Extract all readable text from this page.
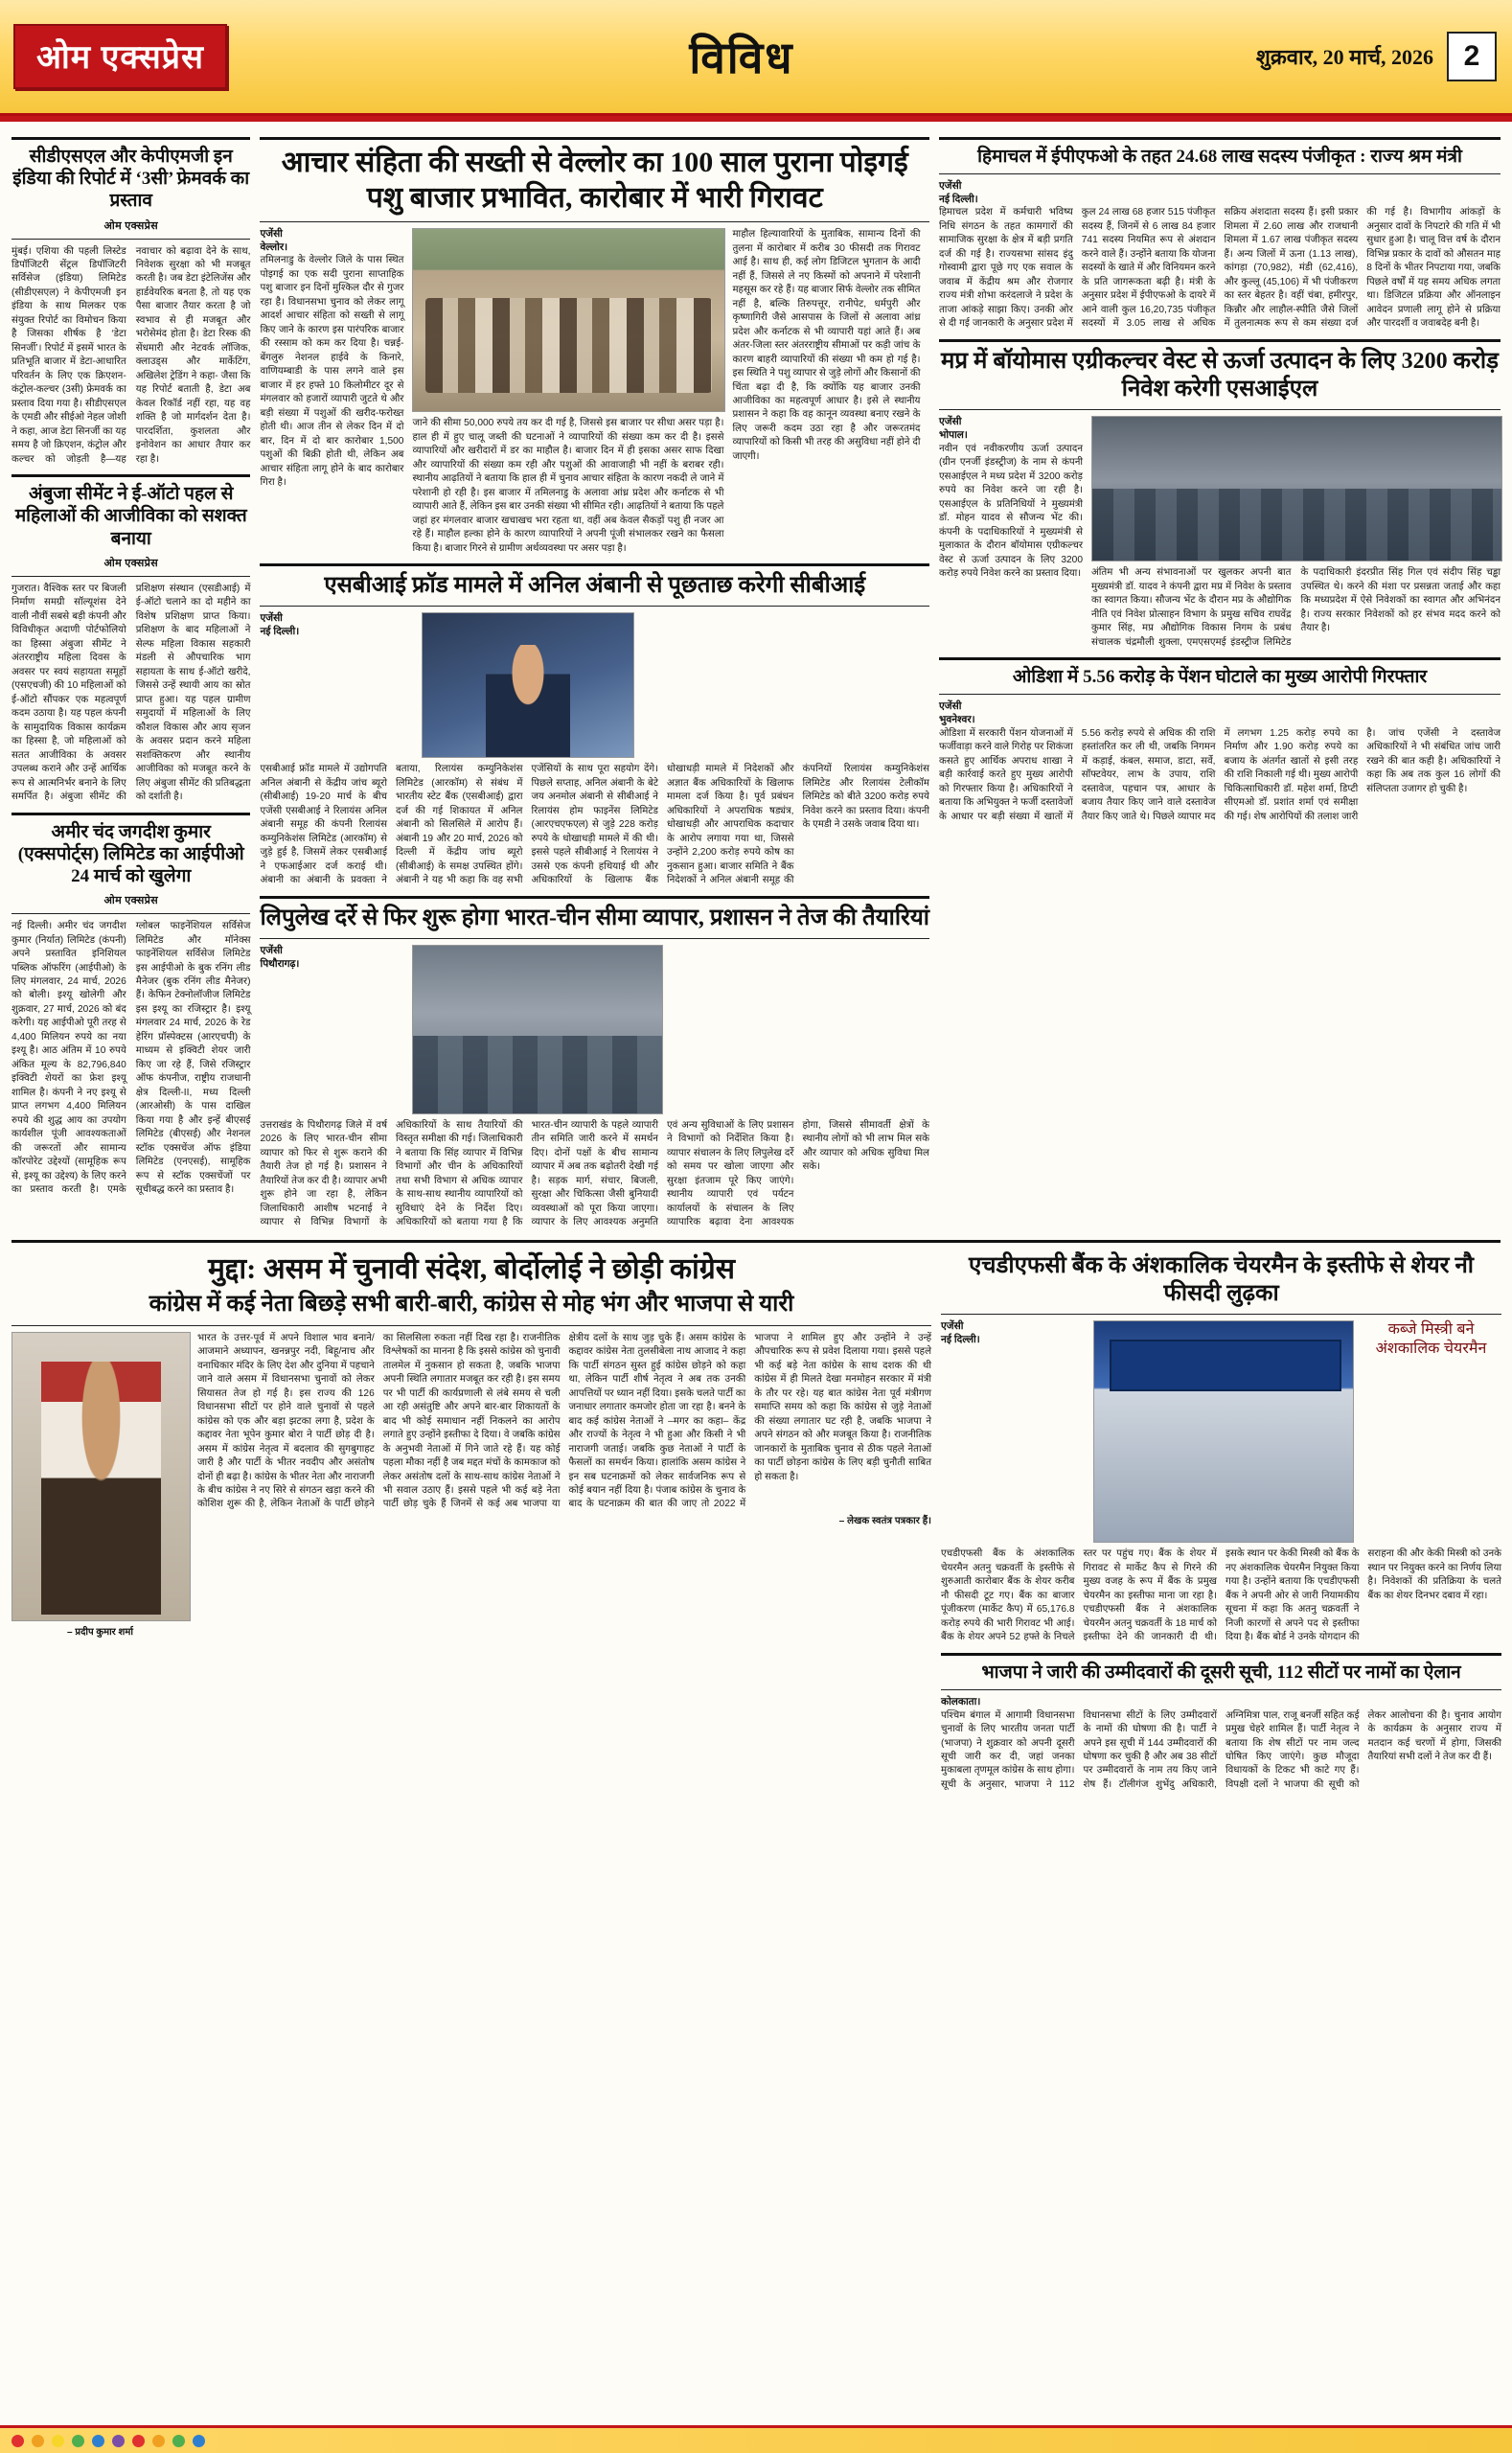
ओम एक्सप्रेस	विविध	शुक्रवार, 20 मार्च, 2026	2
सीडीएसएल और केपीएमजी इन इंडिया की रिपोर्ट में ‘3सी’ फ्रेमवर्क का प्रस्ताव
ओम एक्सप्रेस
मुंबई। एशिया की पहली लिस्टेड डिपॉजिटरी सेंट्रल डिपॉजिटरी सर्विसेज (इंडिया) लिमिटेड (सीडीएसएल) ने केपीएमजी इन इंडिया के साथ मिलकर एक संयुक्त रिपोर्ट का विमोचन किया है जिसका शीर्षक है ‘डेटा सिनर्जी’। रिपोर्ट में इसमें भारत के प्रतिभूति बाजार में डेटा-आधारित परिवर्तन के लिए एक क्रिएशन-कंट्रोल-कल्चर (3सी) फ्रेमवर्क का प्रस्ताव दिया गया है। सीडीएसएल के एमडी और सीईओ नेहल जोशी ने कहा, आज डेटा सिनर्जी का यह समय है जो क्रिएशन, कंट्रोल और कल्चर को जोड़ती है—यह नवाचार को बढ़ावा देने के साथ, निवेशक सुरक्षा को भी मजबूत करती है। जब डेटा इंटेलिजेंस और हार्डवेयरिक बनता है, तो यह एक पैसा बाजार तैयार करता है जो स्वभाव से ही मजबूत और भरोसेमंद होता है। डेटा रिस्क की सेंधमारी और नेटवर्क लॉजिक, क्लाउड्स और मार्केटिंग, अखिलेश ट्रेडिंग ने कहा- जैसा कि यह रिपोर्ट बताती है, डेटा अब केवल रिकॉर्ड नहीं रहा, यह वह शक्ति है जो मार्गदर्शन देता है। पारदर्शिता, कुशलता और इनोवेशन का आधार तैयार कर रहा है।
अंबुजा सीमेंट ने ई-ऑटो पहल से महिलाओं की आजीविका को सशक्त बनाया
ओम एक्सप्रेस
गुजरात। वैश्विक स्तर पर बिजली निर्माण समग्री सॉल्यूशंस देने वाली नौवीं सबसे बड़ी कंपनी और विविधीकृत अदाणी पोर्टफोलियो का हिस्सा अंबुजा सीमेंट ने अंतरराष्ट्रीय महिला दिवस के अवसर पर स्वयं सहायता समूहों (एसएचजी) की 10 महिलाओं को ई-ऑटो सौंपकर एक महत्वपूर्ण कदम उठाया है। यह पहल कंपनी के सामुदायिक विकास कार्यक्रम का हिस्सा है, जो महिलाओं को सतत आजीविका के अवसर उपलब्ध कराने और उन्हें आर्थिक रूप से आत्मनिर्भर बनाने के लिए समर्पित है। अंबुजा सीमेंट की प्रशिक्षण संस्थान (एसडीआई) में ई-ऑटो चलाने का दो महीने का विशेष प्रशिक्षण प्राप्त किया। प्रशिक्षण के बाद महिलाओं ने सेल्फ महिला विकास सहकारी मंडली से औपचारिक भाग सहायता के साथ ई-ऑटो खरीदे, जिससे उन्हें स्थायी आय का स्रोत प्राप्त हुआ। यह पहल ग्रामीण समुदायों में महिलाओं के लिए कौशल विकास और आय सृजन के अवसर प्रदान करने महिला सशक्तिकरण और स्थानीय आजीविका को मजबूत करने के लिए अंबुजा सीमेंट की प्रतिबद्धता को दर्शाती है।
अमीर चंद जगदीश कुमार (एक्सपोर्ट्स) लिमिटेड का आईपीओ 24 मार्च को खुलेगा
ओम एक्सप्रेस
नई दिल्ली। अमीर चंद जगदीश कुमार (निर्यात) लिमिटेड (कंपनी) अपने प्रस्तावित इनिशियल पब्लिक ऑफरिंग (आईपीओ) के लिए मंगलवार, 24 मार्च, 2026 को बोली। इश्यू खोलेगी और शुक्रवार, 27 मार्च, 2026 को बंद करेगी। यह आईपीओ पूरी तरह से 4,400 मिलियन रुपये का नया इश्यू है। आठ अंतिम में 10 रुपये अंकित मूल्य के 82,796,840 इक्विटी शेयरों का फ्रेश इश्यू शामिल है। कंपनी ने नए इश्यू से प्राप्त लगभग 4,400 मिलियन रुपये की शुद्ध आय का उपयोग कार्यशील पूंजी आवश्यकताओं की जरूरतों और सामान्य कॉरपोरेट उद्देश्यों (सामूहिक रूप से, इश्यू का उद्देश्य) के लिए करने का प्रस्ताव करती है। एमके ग्लोबल फाइनेंशियल सर्विसेज लिमिटेड और मॉनेक्स फाइनेंशियल सर्विसेज लिमिटेड इस आईपीओ के बुक रनिंग लीड मैनेजर (बुक रनिंग लीड मैनेजर) हैं। केफिन टेक्नोलॉजीज लिमिटेड इस इश्यू का रजिस्ट्रार है। इश्यू मंगलवार 24 मार्च, 2026 के रेड हेरिंग प्रॉस्पेक्टस (आरएचपी) के माध्यम से इक्विटी शेयर जारी किए जा रहे हैं, जिसे रजिस्ट्रार ऑफ कंपनीज, राष्ट्रीय राजधानी क्षेत्र दिल्ली-II, मध्य दिल्ली (आरओसी) के पास दाखिल किया गया है और इन्हें बीएसई लिमिटेड (बीएसई) और नेशनल स्टॉक एक्सचेंज ऑफ इंडिया लिमिटेड (एनएसई), सामूहिक रूप से स्टॉक एक्सचेंजों पर सूचीबद्ध करने का प्रस्ताव है।
आचार संहिता की सख्ती से वेल्लोर का 100 साल पुराना पोइगई पशु बाजार प्रभावित, कारोबार में भारी गिरावट
एजेंसी
वेल्लोर।
तमिलनाडु के वेल्लोर जिले के पास स्थित पोइगई का एक सदी पुराना साप्ताहिक पशु बाजार इन दिनों मुश्किल दौर से गुजर रहा है। विधानसभा चुनाव को लेकर लागू आदर्श आचार संहिता को सख्ती से लागू किए जाने के कारण इस पारंपरिक बाजार की रस्साम को कम कर दिया है। चन्नई-बेंगलुरु नेशनल हाईवे के किनारे, वाणियम्बाडी के पास लगने वाले इस बाजार में हर हफ्ते 10 किलोमीटर दूर से मंगलवार को हजारों व्यापारी जुटते थे और बड़ी संख्या में पशुओं की खरीद-फरोख्त होती थी। आज तीन से लेकर दिन में दो बार, दिन में दो बार कारोबार 1,500 पशुओं की बिक्री होती थी, लेकिन अब आचार संहिता लागू होने के बाद कारोबार गिरा है।
जाने की सीमा 50,000 रुपये तय कर दी गई है, जिससे इस बाजार पर सीधा असर पड़ा है। हाल ही में हुए चालू जब्ती की घटनाओं ने व्यापारियों की संख्या कम कर दी है। इससे व्यापारियों और खरीदारों में डर का माहौल है। बाजार दिन में ही इसका असर साफ दिखा और व्यापारियों की संख्या कम रही और पशुओं की आवाजाही भी नहीं के बराबर रही। स्थानीय आढ़तियों ने बताया कि हाल ही में चुनाव आचार संहिता के कारण नकदी ले जाने में परेशानी हो रही है। इस बाजार में तमिलनाडु के अलावा आंध्र प्रदेश और कर्नाटक से भी व्यापारी आते हैं, लेकिन इस बार उनकी संख्या भी सीमित रही। आढ़तियों ने बताया कि पहले जहां हर मंगलवार बाजार खचाखच भरा रहता था, वहीं अब केवल सैकड़ों पशु ही नजर आ रहे हैं। माहौल हल्का होने के कारण व्यापारियों ने अपनी पूंजी संभालकर रखने का फैसला किया है। बाजार गिरने से ग्रामीण अर्थव्यवस्था पर असर पड़ा है।
माहौल हिल्यावारियों के मुताबिक, सामान्य दिनों की तुलना में कारोबार में करीब 30 फीसदी तक गिरावट आई है। साथ ही, कई लोग डिजिटल भुगतान के आदी नहीं हैं, जिससे ले नए किस्मों को अपनाने में परेशानी महसूस कर रहे हैं। यह बाजार सिर्फ वेल्लोर तक सीमित नहीं है, बल्कि तिरुपत्तूर, रानीपेट, धर्मपुरी और कृष्णागिरी जैसे आसपास के जिलों से अलावा आंध्र प्रदेश और कर्नाटक से भी व्यापारी यहां आते हैं। अब अंतर-जिला स्तर अंतरराष्ट्रीय सीमाओं पर कड़ी जांच के कारण बाहरी व्यापारियों की संख्या भी कम हो गई है। इस स्थिति ने पशु व्यापार से जुड़े लोगों और किसानों की चिंता बढ़ा दी है, कि क्योंकि यह बाजार उनकी आजीविका का महत्वपूर्ण आधार है। इसे ले स्थानीय प्रशासन ने कहा कि वह कानून व्यवस्था बनाए रखने के लिए जरूरी कदम उठा रहा है और जरूरतमंद व्यापारियों को किसी भी तरह की असुविधा नहीं होने दी जाएगी।
एसबीआई फ्रॉड मामले में अनिल अंबानी से पूछताछ करेगी सीबीआई
एजेंसी
नई दिल्ली।
एसबीआई फ्रॉड मामले में उद्योगपति अनिल अंबानी से केंद्रीय जांच ब्यूरो (सीबीआई) 19-20 मार्च के बीच एजेंसी एसबीआई ने रिलायंस अनिल अंबानी समूह की कंपनी रिलायंस कम्युनिकेशंस लिमिटेड (आरकॉम) से जुड़े हुई है, जिसमें लेकर एसबीआई ने एफआईआर दर्ज कराई थी। अंबानी का अंबानी के प्रवक्ता ने बताया, रिलायंस कम्युनिकेशंस लिमिटेड (आरकॉम) से संबंध में भारतीय स्टेट बैंक (एसबीआई) द्वारा दर्ज की गई शिकायत में अनिल अंबानी को सिलसिले में आरोप हैं। अंबानी 19 और 20 मार्च, 2026 को दिल्ली में केंद्रीय जांच ब्यूरो (सीबीआई) के समक्ष उपस्थित होंगे। अंबानी ने यह भी कहा कि वह सभी एजेंसियों के साथ पूरा सहयोग देंगे। पिछले सप्ताह, अनिल अंबानी के बेटे जय अनमोल अंबानी से सीबीआई ने रिलायंस होम फाइनेंस लिमिटेड (आरएचएफएल) से जुड़े 228 करोड़ रुपये के धोखाधड़ी मामले में की थी। इससे पहले सीबीआई ने रिलायंस ने उससे एक कंपनी हथियाई थी और अधिकारियों के खिलाफ बैंक धोखाधड़ी मामले में निदेशकों और अज्ञात बैंक अधिकारियों के खिलाफ मामला दर्ज किया है। पूर्व प्रबंधन अधिकारियों ने अपराधिक षड्यंत्र, धोखाधड़ी और आपराधिक कदाचार के आरोप लगाया गया था, जिससे उन्होंने 2,200 करोड़ रुपये कोष का नुकसान हुआ। बाजार समिति ने बैंक निदेशकों ने अनिल अंबानी समूह की कंपनियों रिलायंस कम्युनिकेशंस लिमिटेड और रिलायंस टेलीकॉम लिमिटेड को बीते 3200 करोड़ रुपये निवेश करने का प्रस्ताव दिया। कंपनी के एमडी ने उसके जवाब दिया था।
लिपुलेख दर्रे से फिर शुरू होगा भारत-चीन सीमा व्यापार, प्रशासन ने तेज की तैयारियां
एजेंसी
पिथौरागढ़।
उत्तराखंड के पिथौरागढ़ जिले में वर्ष 2026 के लिए भारत-चीन सीमा व्यापार को फिर से शुरू कराने की तैयारी तेज हो गई है। प्रशासन ने तैयारियों तेज कर दी है। व्यापार अभी शुरू होने जा रहा है, लेकिन जिलाधिकारी आशीष भटनाई ने व्यापार से विभिन्न विभागों के अधिकारियों के साथ तैयारियों की विस्तृत समीक्षा की गई। जिलाधिकारी ने बताया कि सिंह व्यापार में विभिन्न विभागों और चीन के अधिकारियों तथा सभी विभाग से अधिक व्यापार के साथ-साथ स्थानीय व्यापारियों को सुविधाएं देने के निर्देश दिए। अधिकारियों को बताया गया है कि भारत-चीन व्यापारी के पहले व्यापारी तीन समिति जारी करने में समर्थन दिए। दोनों पक्षों के बीच सामान्य व्यापार में अब तक बढ़ोतरी देखी गई है। सड़क मार्ग, संचार, बिजली, सुरक्षा और चिकित्सा जैसी बुनियादी व्यवस्थाओं को पूरा किया जाएगा। व्यापार के लिए आवश्यक अनुमति एवं अन्य सुविधाओं के लिए प्रशासन ने विभागों को निर्देशित किया है। व्यापार संचालन के लिए लिपुलेख दर्रे को समय पर खोला जाएगा और सुरक्षा इंतजाम पूरे किए जाएंगे। स्थानीय व्यापारी एवं पर्यटन कार्यालयों के संचालन के लिए व्यापारिक बढ़ावा देना आवश्यक होगा, जिससे सीमावर्ती क्षेत्रों के स्थानीय लोगों को भी लाभ मिल सके और व्यापार को अधिक सुविधा मिल सके।
हिमाचल में ईपीएफओ के तहत 24.68 लाख सदस्य पंजीकृत : राज्य श्रम मंत्री
एजेंसी
नई दिल्ली।
हिमाचल प्रदेश में कर्मचारी भविष्य निधि संगठन के तहत कामगारों की सामाजिक सुरक्षा के क्षेत्र में बड़ी प्रगति दर्ज की गई है। राज्यसभा सांसद इंदु गोस्वामी द्वारा पूछे गए एक सवाल के जवाब में केंद्रीय श्रम और रोजगार राज्य मंत्री शोभा करंदलाजे ने प्रदेश के ताजा आंकड़े साझा किए। उनकी ओर से दी गई जानकारी के अनुसार प्रदेश में कुल 24 लाख 68 हजार 515 पंजीकृत सदस्य हैं, जिनमें से 6 लाख 84 हजार 741 सदस्य नियमित रूप से अंशदान करने वाले हैं। उन्होंने बताया कि योजना सदस्यों के खाते में और विनियमन करने के प्रति जागरूकता बढ़ी है। मंत्री के अनुसार प्रदेश में ईपीएफओ के दायरे में आने वाली कुल 16,20,735 पंजीकृत सदस्यों में 3.05 लाख से अधिक सक्रिय अंशदाता सदस्य हैं। इसी प्रकार शिमला में 2.60 लाख और राजधानी शिमला में 1.67 लाख पंजीकृत सदस्य हैं। अन्य जिलों में ऊना (1.13 लाख), कांगड़ा (70,982), मंडी (62,416), और कुल्लू (45,106) में भी पंजीकरण का स्तर बेहतर है। वहीं चंबा, हमीरपुर, किन्नौर और लाहौल-स्पीति जैसे जिलों में तुलनात्मक रूप से कम संख्या दर्ज की गई है। विभागीय आंकड़ों के अनुसार दावों के निपटारे की गति में भी सुधार हुआ है। चालू वित्त वर्ष के दौरान विभिन्न प्रकार के दावों को औसतन माह 8 दिनों के भीतर निपटाया गया, जबकि पिछले वर्षों में यह समय अधिक लगता था। डिजिटल प्रक्रिया और ऑनलाइन आवेदन प्रणाली लागू होने से प्रक्रिया और पारदर्शी व जवाबदेह बनी है।
मप्र में बॉयोमास एग्रीकल्चर वेस्ट से ऊर्जा उत्पादन के लिए 3200 करोड़ निवेश करेगी एसआईएल
एजेंसी
भोपाल।
नवीन एवं नवीकरणीय ऊर्जा उत्पादन (ग्रीन एनर्जी इंडस्ट्रीज) के नाम से कंपनी एसआईएल ने मध्य प्रदेश में 3200 करोड़ रुपये का निवेश करने जा रही है। एसआईएल के प्रतिनिधियों ने मुख्यमंत्री डॉ. मोहन यादव से सौजन्य भेंट की। कंपनी के पदाधिकारियों ने मुख्यमंत्री से मुलाकात के दौरान बॉयोमास एग्रीकल्चर वेस्ट से ऊर्जा उत्पादन के लिए 3200 करोड़ रुपये निवेश करने का प्रस्ताव दिया। अंतिम भी अन्य संभावनाओं पर खुलकर अपनी बात मुख्यमंत्री डॉ. यादव ने कंपनी द्वारा मप्र में निवेश के प्रस्ताव का स्वागत किया। सौजन्य भेंट के दौरान मप्र के औद्योगिक नीति एवं निवेश प्रोत्साहन विभाग के प्रमुख सचिव राघवेंद्र कुमार सिंह, मप्र औद्योगिक विकास निगम के प्रबंध संचालक चंद्रमौली शुक्ला, एमएसएमई इंडस्ट्रीज लिमिटेड के पदाधिकारी इंदरप्रीत सिंह गिल एवं संदीप सिंह चड्ढा उपस्थित थे। करने की मंशा पर प्रसन्नता जताई और कहा कि मध्यप्रदेश में ऐसे निवेशकों का स्वागत और अभिनंदन है। राज्य सरकार निवेशकों को हर संभव मदद करने को तैयार है।
ओडिशा में 5.56 करोड़ के पेंशन घोटाले का मुख्य आरोपी गिरफ्तार
एजेंसी
भुवनेश्वर।
ओडिशा में सरकारी पेंशन योजनाओं में फर्जीवाड़ा करने वाले गिरोह पर शिकंजा कसते हुए आर्थिक अपराध शाखा ने बड़ी कार्रवाई करते हुए मुख्य आरोपी को गिरफ्तार किया है। अधिकारियों ने बताया कि अभियुक्त ने फर्जी दस्तावेजों के आधार पर बड़ी संख्या में खातों में 5.56 करोड़ रुपये से अधिक की राशि हस्तांतरित कर ली थी, जबकि निगमन में कड़ाई, कंबल, समाज, डाटा, सर्वे, सॉफ्टवेयर, लाभ के उपाय, राशि दस्तावेज, पहचान पत्र, आधार के बजाय तैयार किए जाने वाले दस्तावेज तैयार किए जाते थे। पिछले व्यापार मद में लगभग 1.25 करोड़ रुपये का निर्माण और 1.90 करोड़ रुपये का बजाय के अंतर्गत खातों से इसी तरह की राशि निकाली गई थी। मुख्य आरोपी चिकित्साधिकारी डॉ. महेश शर्मा, डिप्टी सीएमओ डॉ. प्रशांत शर्मा एवं समीक्षा की गई। शेष आरोपियों की तलाश जारी है। जांच एजेंसी ने दस्तावेज अधिकारियों ने भी संबंधित जांच जारी रखने की बात कही है। अधिकारियों ने कहा कि अब तक कुल 16 लोगों की संलिप्तता उजागर हो चुकी है।
मुद्दा: असम में चुनावी संदेश, बोर्दोलोई ने छोड़ी कांग्रेस
कांग्रेस में कई नेता बिछड़े सभी बारी-बारी, कांग्रेस से मोह भंग और भाजपा से यारी
– प्रदीप कुमार शर्मा
भारत के उत्तर-पूर्व में अपने विशाल भाव बनाने/आजमाने अध्यापन, खनन्नपुर नदी, बिहू/नाच और वनाधिकार मंदिर के लिए देश और दुनिया में पहचाने जाने वाले असम में विधानसभा चुनावों को लेकर सियासत तेज हो गई है। इस राज्य की 126 विधानसभा सीटों पर होने वाले चुनावों से पहले कांग्रेस को एक और बड़ा झटका लगा है, प्रदेश के कद्दावर नेता भूपेन कुमार बोरा ने पार्टी छोड़ दी है। असम में कांग्रेस नेतृत्व में बदलाव की सुगबुगाहट जारी है और पार्टी के भीतर नवदीप और असंतोष दोनों ही बढ़ा है। कांग्रेस के भीतर नेता और नाराजगी के बीच कांग्रेस ने नए सिरे से संगठन खड़ा करने की कोशिश शुरू की है, लेकिन नेताओं के पार्टी छोड़ने का सिलसिला रुकता नहीं दिख रहा है। राजनीतिक विश्लेषकों का मानना है कि इससे कांग्रेस को चुनावी तालमेल में नुकसान हो सकता है, जबकि भाजपा अपनी स्थिति लगातार मजबूत कर रही है। इस समय पर भी पार्टी की कार्यप्रणाली से लंबे समय से चली आ रही असंतुष्टि और अपने बार-बार शिकायतों के बाद भी कोई समाधान नहीं निकलने का आरोप लगाते हुए उन्होंने इस्तीफा दे दिया। वे जबकि कांग्रेस के अनुभवी नेताओं में गिने जाते रहे हैं। यह कोई पहला मौका नहीं है जब मद्दत मंचों के कामकाज को लेकर असंतोष दलों के साथ-साथ कांग्रेस नेताओं ने भी सवाल उठाए हैं। इससे पहले भी कई बड़े नेता पार्टी छोड़ चुके हैं जिनमें से कई अब भाजपा या क्षेत्रीय दलों के साथ जुड़ चुके हैं। असम कांग्रेस के कद्दावर कांग्रेस नेता तुलसीबेला नाथ आजाद ने कहा कि पार्टी संगठन सुस्त हुई कांग्रेस छोड़ने को कहा था, लेकिन पार्टी शीर्ष नेतृत्व ने अब तक उनकी आपत्तियों पर ध्यान नहीं दिया। इसके चलते पार्टी का जनाधार लगातार कमजोर होता जा रहा है। बनने के बाद कई कांग्रेस नेताओं ने –मगर का कहा– केंद्र और राज्यों के नेतृत्व ने भी हुआ और किसी ने भी नाराजगी जताई। जबकि कुछ नेताओं ने पार्टी के फैसलों का समर्थन किया। हालांकि असम कांग्रेस ने इन सब घटनाक्रमों को लेकर सार्वजनिक रूप से कोई बयान नहीं दिया है। पंजाब कांग्रेस के चुनाव के बाद के घटनाक्रम की बात की जाए तो 2022 में भाजपा ने शामिल हुए और उन्होंने ने उन्हें औपचारिक रूप से प्रवेश दिलाया गया। इससे पहले भी कई बड़े नेता कांग्रेस के साथ दशक की थी कांग्रेस में ही मिलते देखा मनमोहन सरकार में मंत्री के तौर पर रहे। यह बात कांग्रेस नेता पूर्व मंत्रीगण समाप्ति समय को कहा कि कांग्रेस से जुड़े नेताओं की संख्या लगातार घट रही है, जबकि भाजपा ने अपने संगठन को और मजबूत किया है। राजनीतिक जानकारों के मुताबिक चुनाव से ठीक पहले नेताओं का पार्टी छोड़ना कांग्रेस के लिए बड़ी चुनौती साबित हो सकता है।
– लेखक स्वतंत्र पत्रकार हैं।
एचडीएफसी बैंक के अंशकालिक चेयरमैन के इस्तीफे से शेयर नौ फीसदी लुढ़का
एजेंसी
नई दिल्ली।
कब्जे मिस्त्री बने अंशकालिक चेयरमैन
एचडीएफसी बैंक के अंशकालिक चेयरमैन अतनु चक्रवर्ती के इस्तीफे से शुरुआती कारोबार बैंक के शेयर करीब नौ फीसदी टूट गए। बैंक का बाजार पूंजीकरण (मार्केट कैप) में 65,176.8 करोड़ रुपये की भारी गिरावट भी आई। बैंक के शेयर अपने 52 हफ्ते के निचले स्तर पर पहुंच गए। बैंक के शेयर में गिरावट से मार्केट कैप से गिरने की मुख्य वजह के रूप में बैंक के प्रमुख चेयरमैन का इस्तीफा माना जा रहा है। एचडीएफसी बैंक ने अंशकालिक चेयरमैन अतनु चक्रवर्ती के 18 मार्च को इस्तीफा देने की जानकारी दी थी। इसके स्थान पर केकी मिस्त्री को बैंक के नए अंशकालिक चेयरमैन नियुक्त किया गया है। उन्होंने बताया कि एचडीएफसी बैंक ने अपनी ओर से जारी नियामकीय सूचना में कहा कि अतनु चक्रवर्ती ने निजी कारणों से अपने पद से इस्तीफा दिया है। बैंक बोर्ड ने उनके योगदान की सराहना की और केकी मिस्त्री को उनके स्थान पर नियुक्त करने का निर्णय लिया है। निवेशकों की प्रतिक्रिया के चलते बैंक का शेयर दिनभर दबाव में रहा।
भाजपा ने जारी की उम्मीदवारों की दूसरी सूची, 112 सीटों पर नामों का ऐलान
कोलकाता।
पश्चिम बंगाल में आगामी विधानसभा चुनावों के लिए भारतीय जनता पार्टी (भाजपा) ने शुक्रवार को अपनी दूसरी सूची जारी कर दी, जहां जनका मुकाबला तृणमूल कांग्रेस के साथ होगा। सूची के अनुसार, भाजपा ने 112 विधानसभा सीटों के लिए उम्मीदवारों के नामों की घोषणा की है। पार्टी ने अपने इस सूची में 144 उम्मीदवारों की घोषणा कर चुकी है और अब 38 सीटों पर उम्मीदवारों के नाम तय किए जाने शेष हैं। टॉलीगंज शुभेंदु अधिकारी, अग्निमित्रा पाल, राजू बनर्जी सहित कई प्रमुख चेहरे शामिल हैं। पार्टी नेतृत्व ने बताया कि शेष सीटों पर नाम जल्द घोषित किए जाएंगे। कुछ मौजूदा विधायकों के टिकट भी काटे गए हैं। विपक्षी दलों ने भाजपा की सूची को लेकर आलोचना की है। चुनाव आयोग के कार्यक्रम के अनुसार राज्य में मतदान कई चरणों में होगा, जिसकी तैयारियां सभी दलों ने तेज कर दी हैं।
